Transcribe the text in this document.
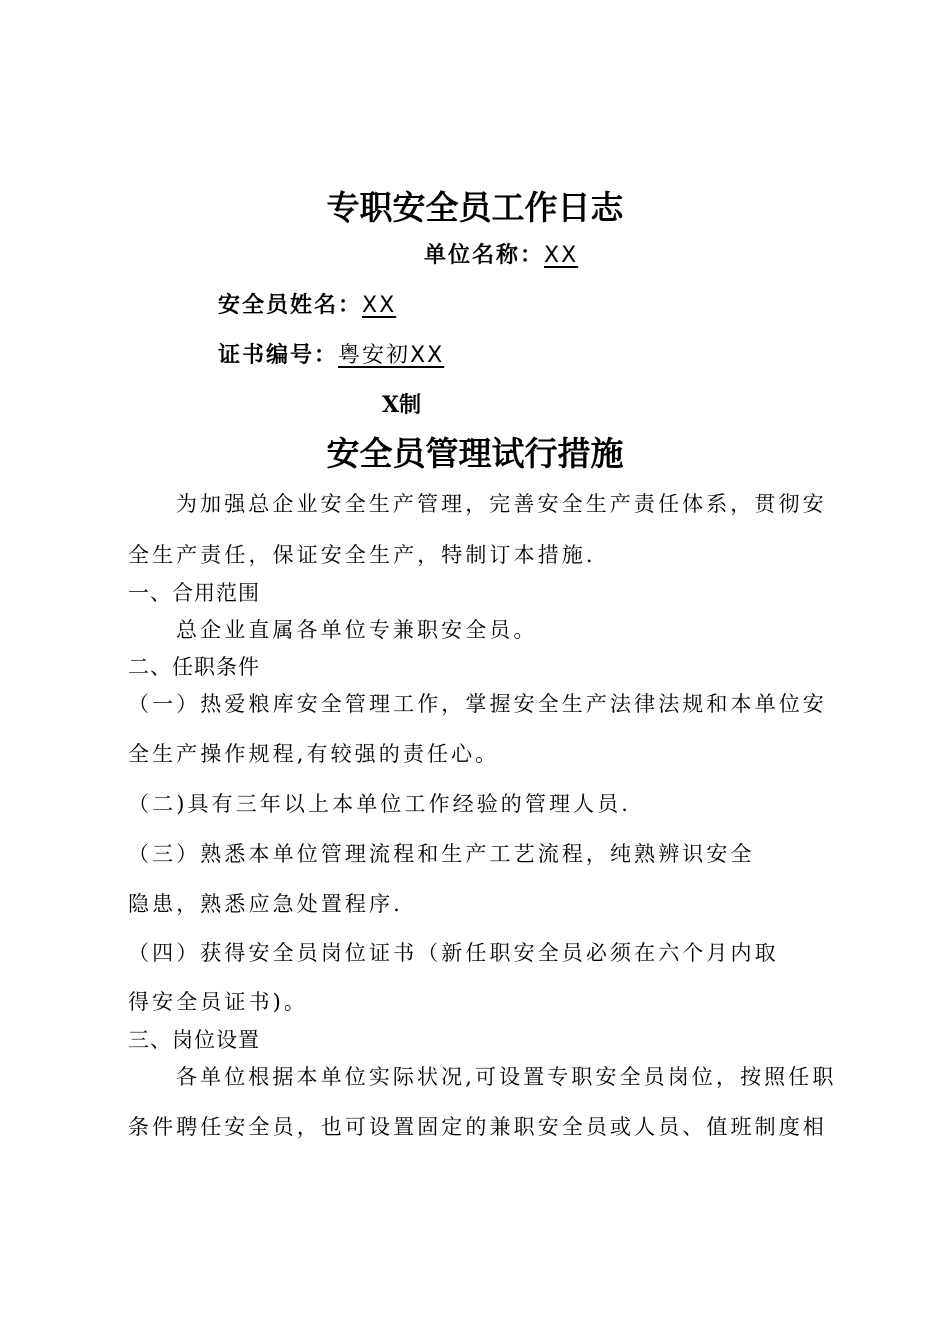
专职安全员工作日志
单位名称：XX
安全员姓名：XX
证书编号：粤安初XX
X制
安全员管理试行措施
为加强总企业安全生产管理，完善安全生产责任体系，贯彻安
全生产责任，保证安全生产，特制订本措施.
一、合用范围
总企业直属各单位专兼职安全员。
二、任职条件
（一）热爱粮库安全管理工作，掌握安全生产法律法规和本单位安
全生产操作规程,有较强的责任心。
（二)具有三年以上本单位工作经验的管理人员.
（三）熟悉本单位管理流程和生产工艺流程，纯熟辨识安全
隐患，熟悉应急处置程序.
（四）获得安全员岗位证书（新任职安全员必须在六个月内取
得安全员证书)。
三、岗位设置
各单位根据本单位实际状况,可设置专职安全员岗位，按照任职
条件聘任安全员，也可设置固定的兼职安全员或人员、值班制度相
